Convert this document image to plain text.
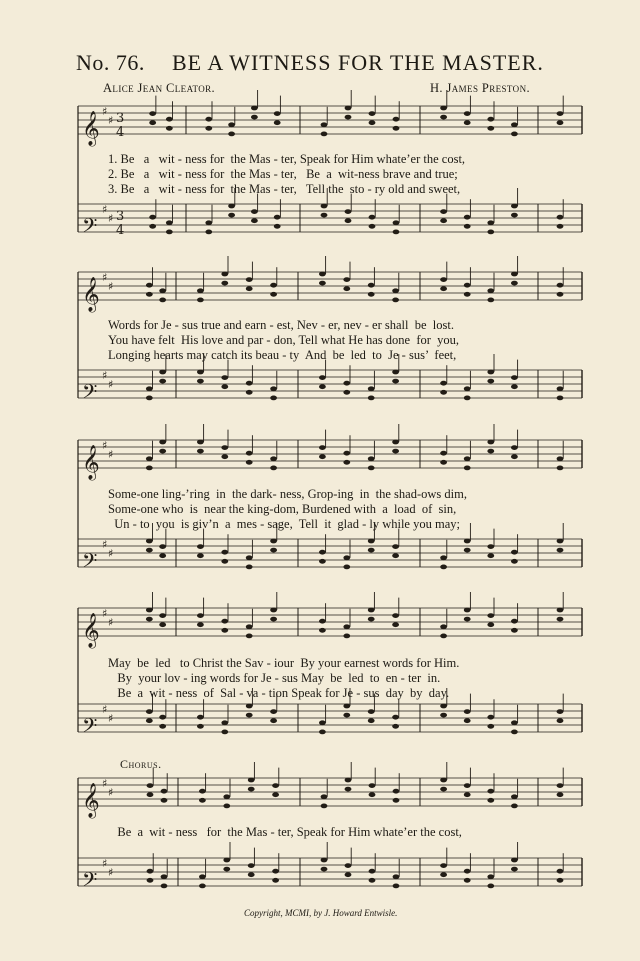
No. 76. BE A WITNESS FOR THE MASTER.
Alice Jean Cleator.	H. James Preston.
𝄞 ♯
♯ 3
4
𝄢
♯
♯ 3
4
𝄞 ♯
♯
𝄢
♯
♯
𝄞 ♯
♯
𝄢
♯
♯
𝄞 ♯
♯
𝄢
♯
♯
𝄞 ♯
♯
𝄢
♯
♯
1. Be   a   wit - ness for  the Mas - ter, Speak for Him whate’er the cost,
2. Be   a   wit - ness for  the Mas - ter,   Be  a  wit-ness brave and true;
3. Be   a   wit - ness for  the Mas - ter,   Tell the  sto - ry old and sweet,
Words for Je - sus true and earn - est, Nev - er, nev - er shall  be  lost.
You have felt  His love and par - don, Tell what He has done  for  you,
Longing hearts may catch its beau - ty  And  be  led  to  Je - sus’  feet,
Some-one ling-’ring  in  the dark- ness, Grop-ing  in  the shad-ows dim,
Some-one who  is  near the king-dom, Burdened with  a  load  of  sin,
Un - to  you  is giv’n  a  mes - sage,  Tell  it  glad - ly while you may;
May  be  led   to Christ the Sav - iour  By your earnest words for Him.
By  your lov - ing words for Je - sus May  be  led  to  en - ter  in.
Be  a  wit - ness  of  Sal - va - tion Speak for Je - sus  day  by  day.
Chorus.
Be  a  wit - ness   for  the Mas - ter, Speak for Him whate’er the cost,
Copyright, MCMI, by J. Howard Entwisle.
